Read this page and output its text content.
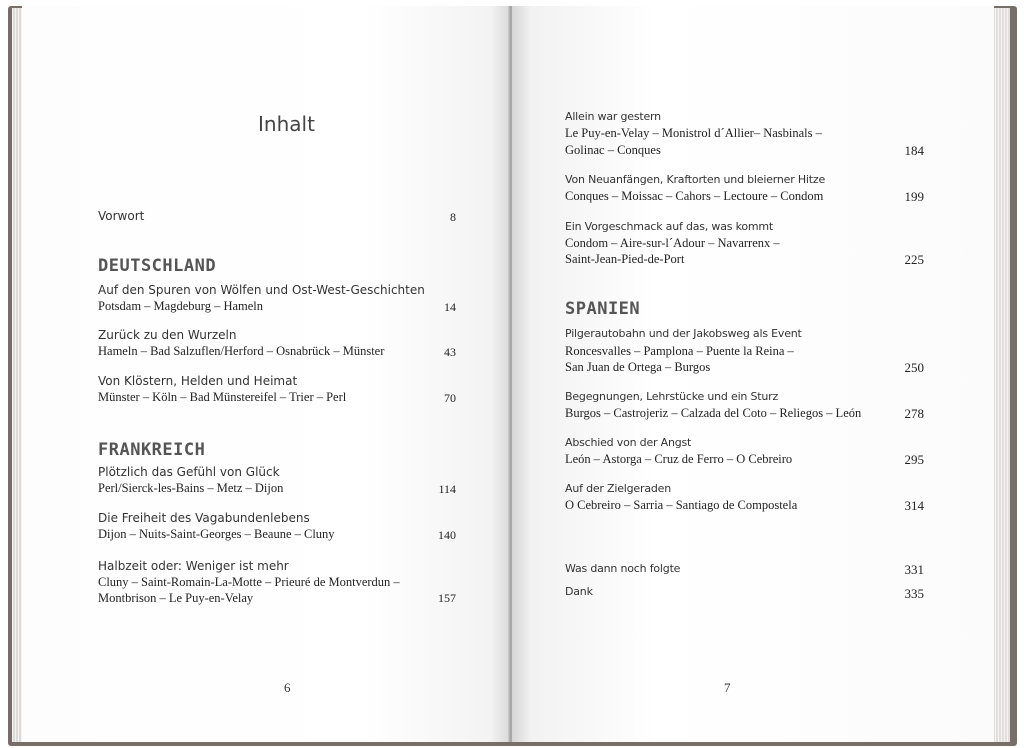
Inhalt
Vorwort	8
DEUTSCHLAND
Auf den Spuren von Wölfen und Ost-West-Geschichten
Potsdam – Magdeburg – Hameln	14
Zurück zu den Wurzeln
Hameln – Bad Salzuflen/Herford – Osnabrück – Münster	43
Von Klöstern, Helden und Heimat
Münster – Köln – Bad Münstereifel – Trier – Perl	70
FRANKREICH
Plötzlich das Gefühl von Glück
Perl/Sierck-les-Bains – Metz – Dijon	114
Die Freiheit des Vagabundenlebens
Dijon – Nuits-Saint-Georges – Beaune – Cluny	140
Halbzeit oder: Weniger ist mehr
Cluny – Saint-Romain-La-Motte – Prieuré de Montverdun –
Montbrison – Le Puy-en-Velay	157
6
Allein war gestern
Le Puy-en-Velay – Monistrol d´Allier– Nasbinals –
Golinac – Conques	184
Von Neuanfängen, Kraftorten und bleierner Hitze
Conques – Moissac – Cahors – Lectoure – Condom	199
Ein Vorgeschmack auf das, was kommt
Condom – Aire-sur-l´Adour – Navarrenx –
Saint-Jean-Pied-de-Port	225
SPANIEN
Pilgerautobahn und der Jakobsweg als Event
Roncesvalles – Pamplona – Puente la Reina –
San Juan de Ortega – Burgos	250
Begegnungen, Lehrstücke und ein Sturz
Burgos – Castrojeriz – Calzada del Coto – Reliegos – León	278
Abschied von der Angst
León – Astorga – Cruz de Ferro – O Cebreiro	295
Auf der Zielgeraden
O Cebreiro – Sarria – Santiago de Compostela	314
Was dann noch folgte	331
Dank	335
7
